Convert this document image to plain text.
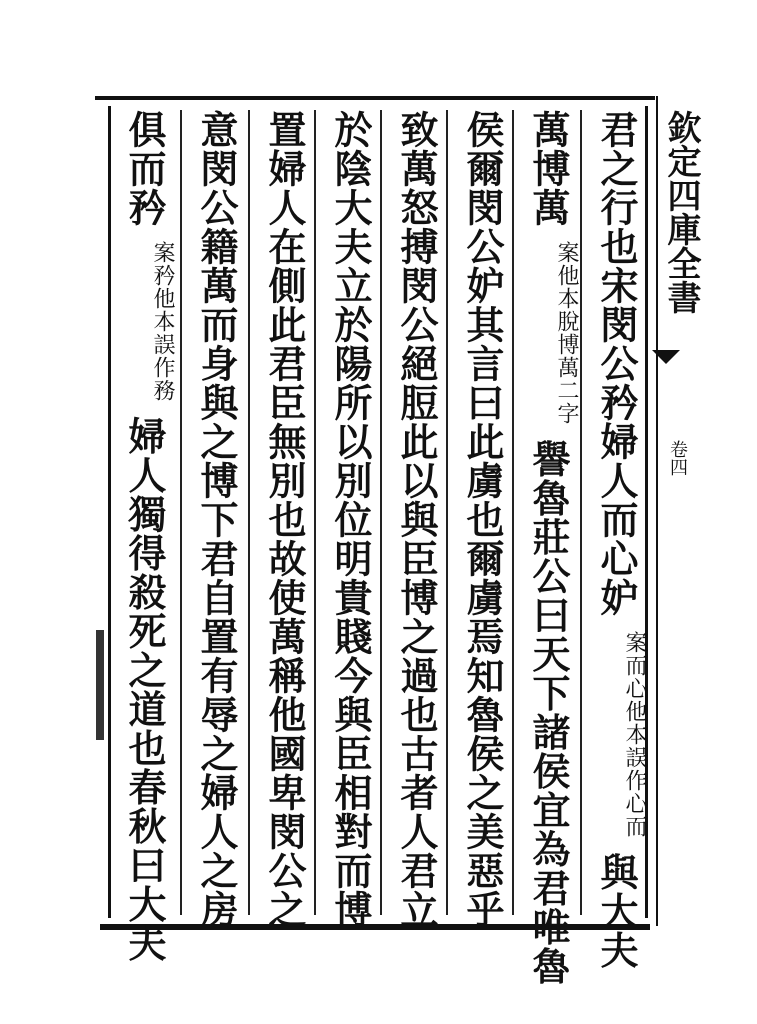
欽定四庫全書
卷四
君之行也宋閔公矜婦人而心妒 案而心他本誤作心而 與大夫
萬博萬 案他本脫博萬二字 譽魯莊公曰天下諸侯宜為君唯魯
侯爾閔公妒其言曰此虜也爾虜焉知魯侯之美惡乎
致萬怒搏閔公絕脰此以與臣博之過也古者人君立
於陰大夫立於陽所以別位明貴賤今與臣相對而博
置婦人在側此君臣無別也故使萬稱他國卑閔公之
意閔公籍萬而身與之博下君自置有辱之婦人之房
俱而矜 案矜他本誤作務 婦人獨得殺死之道也春秋曰大夫
